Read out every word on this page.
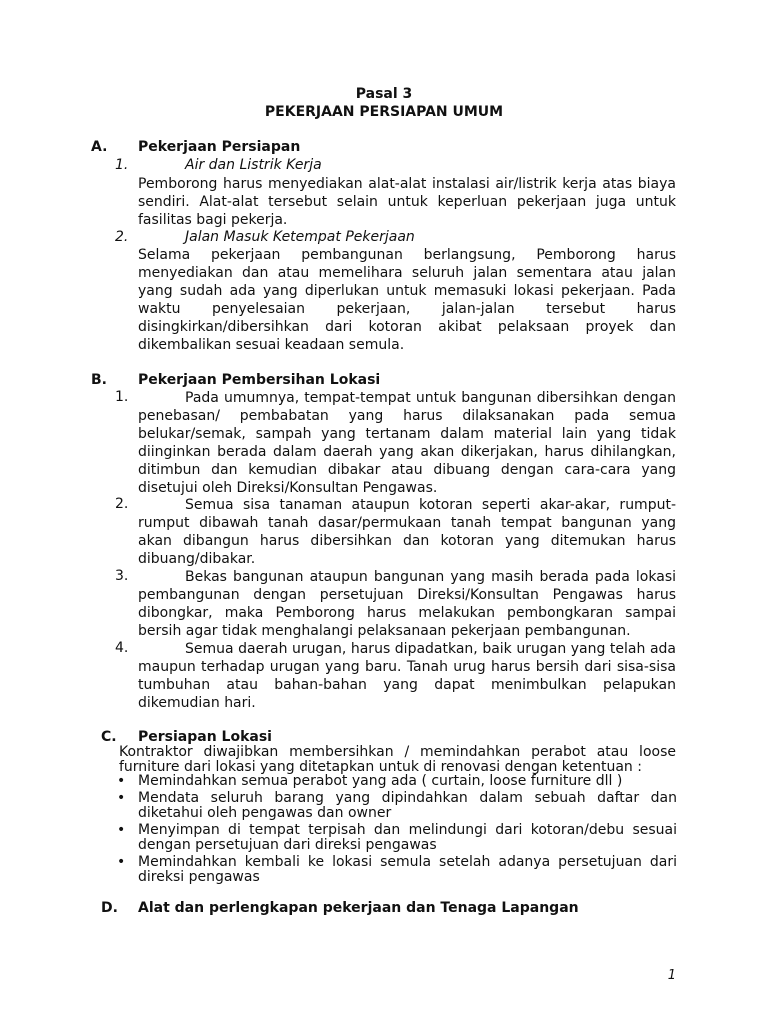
Pasal 3
PEKERJAAN PERSIAPAN UMUM
A. Pekerjaan Persiapan
1.	Air dan Listrik Kerja

Pemborong harus menyediakan alat-alat instalasi air/listrik kerja atas biaya sendiri. Alat-alat tersebut selain untuk keperluan pekerjaan juga untuk fasilitas bagi pekerja.

2.	Jalan Masuk Ketempat Pekerjaan

Selama pekerjaan pembangunan berlangsung, Pemborong harus menyediakan dan atau memelihara seluruh jalan sementara atau jalan yang sudah ada yang diperlukan untuk memasuki lokasi pekerjaan. Pada waktu penyelesaian pekerjaan, jalan-jalan tersebut harus disingkirkan/dibersihkan dari kotoran akibat pelaksaan proyek dan dikembalikan sesuai keadaan semula.

B. Pekerjaan Pembersihan Lokasi
1.	Pada umumnya, tempat-tempat untuk bangunan dibersihkan dengan penebasan/ pembabatan yang harus dilaksanakan pada semua belukar/semak, sampah yang tertanam dalam material lain yang tidak diinginkan berada dalam daerah yang akan dikerjakan, harus dihilangkan, ditimbun dan kemudian dibakar atau dibuang dengan cara-cara yang disetujui oleh Direksi/Konsultan Pengawas.

2.	Semua sisa tanaman ataupun kotoran seperti akar-akar, rumput-rumput dibawah tanah dasar/permukaan tanah tempat bangunan yang akan dibangun harus dibersihkan dan kotoran yang ditemukan harus dibuang/dibakar.

3.	Bekas bangunan ataupun bangunan yang masih berada pada lokasi pembangunan dengan persetujuan Direksi/Konsultan Pengawas harus dibongkar, maka Pemborong harus melakukan pembongkaran sampai bersih agar tidak menghalangi pelaksanaan pekerjaan pembangunan.

4.	Semua daerah urugan, harus dipadatkan, baik urugan yang telah ada maupun terhadap urugan yang baru. Tanah urug harus bersih dari sisa-sisa tumbuhan atau bahan-bahan yang dapat menimbulkan pelapukan dikemudian hari.

C. Persiapan Lokasi

Kontraktor diwajibkan membersihkan / memindahkan perabot atau loose furniture dari lokasi yang ditetapkan untuk di renovasi dengan ketentuan :

• Memindahkan semua perabot yang ada ( curtain, loose furniture dll )
• Mendata seluruh barang yang dipindahkan dalam sebuah daftar dan diketahui oleh pengawas dan owner
• Menyimpan di tempat terpisah dan melindungi dari kotoran/debu sesuai dengan persetujuan dari direksi pengawas
• Memindahkan kembali ke lokasi semula setelah adanya persetujuan dari direksi pengawas
D. Alat dan perlengkapan pekerjaan dan Tenaga Lapangan
1
